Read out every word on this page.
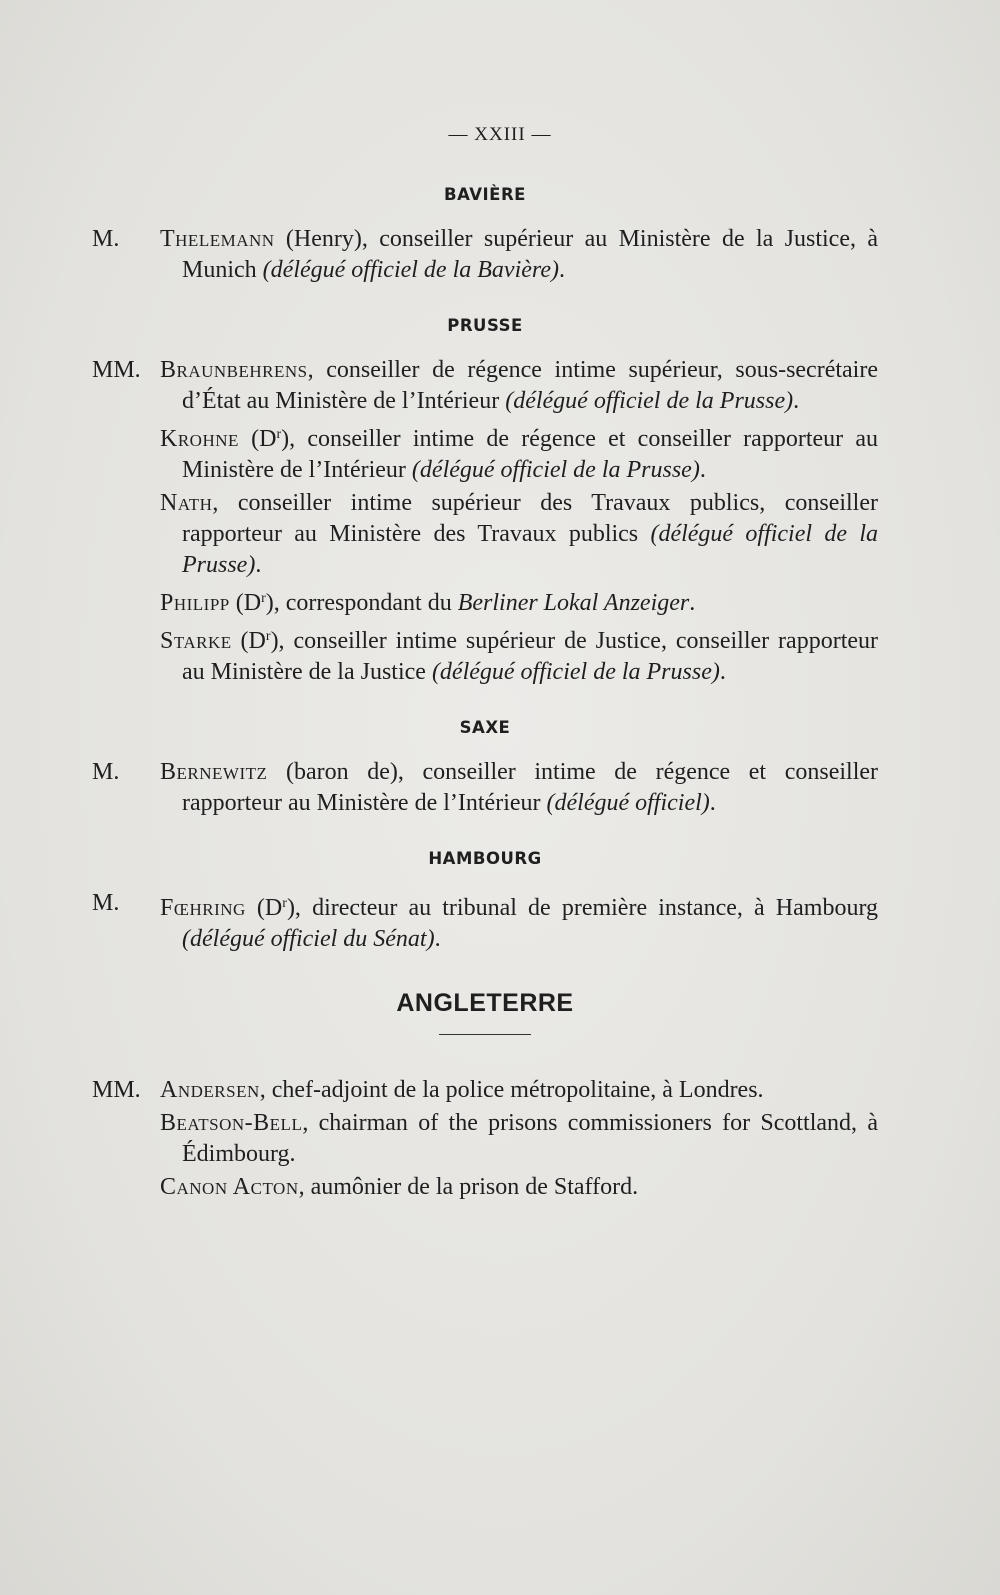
— XXIII —
BAVIÈRE
M.	Thelemann (Henry), conseiller supérieur au Ministère de la Justice, à Munich (délégué officiel de la Bavière).
PRUSSE
MM. Braunbehrens, conseiller de régence intime supérieur, sous-secrétaire d’État au Ministère de l’Intérieur (délégué officiel de la Prusse).
Krohne $(D^r)$, conseiller intime de régence et conseiller rapporteur au Ministère de l’Intérieur (délégué officiel de la Prusse).
Nath, conseiller intime supérieur des Travaux publics, conseiller rapporteur au Ministère des Travaux publics (délégué officiel de la Prusse).
Philipp $(D^r)$, correspondant du Berliner Lokal Anzeiger.
Starke $(D^r)$, conseiller intime supérieur de Justice, conseiller rapporteur au Ministère de la Justice (délégué officiel de la Prusse).
SAXE
M.	Bernewitz (baron de), conseiller intime de régence et conseiller rapporteur au Ministère de l’Intérieur (délégué officiel).
HAMBOURG
M.	Fœhring $(D^r)$, directeur au tribunal de première instance, à Hambourg (délégué officiel du Sénat).
ANGLETERRE
MM. Andersen, chef-adjoint de la police métropolitaine, à Londres.
Beatson-Bell, chairman of the prisons commissioners for Scottland, à Édimbourg.
Canon Acton, aumônier de la prison de Stafford.
